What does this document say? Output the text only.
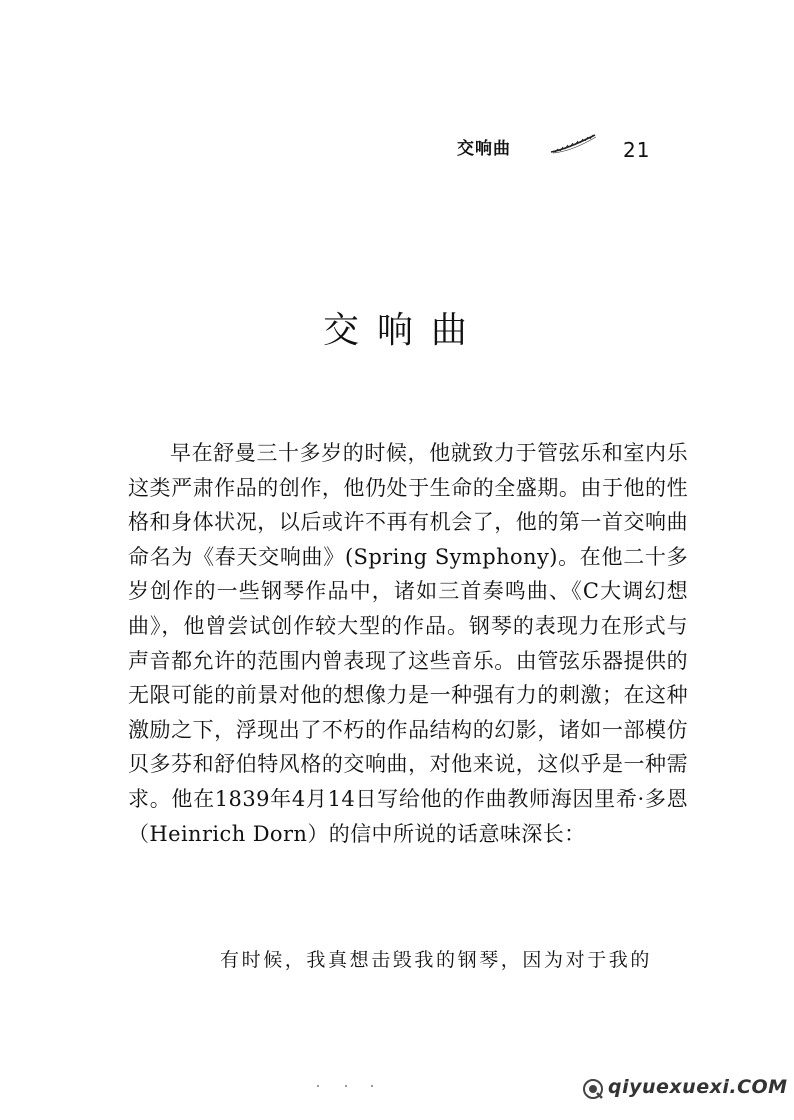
交响曲	21
交响曲

早在舒曼三十多岁的时候，他就致力于管弦乐和室内乐这类严肃作品的创作，他仍处于生命的全盛期。由于他的性格和身体状况，以后或许不再有机会了，他的第一首交响曲命名为《春天交响曲》(Spring Symphony)。在他二十多岁创作的一些钢琴作品中，诸如三首奏鸣曲、《C大调幻想曲》，他曾尝试创作较大型的作品。钢琴的表现力在形式与声音都允许的范围内曾表现了这些音乐。由管弦乐器提供的无限可能的前景对他的想像力是一种强有力的刺激；在这种激励之下，浮现出了不朽的作品结构的幻影，诸如一部模仿贝多芬和舒伯特风格的交响曲，对他来说，这似乎是一种需求。他在1839年4月14日写给他的作曲教师海因里希·多恩（Heinrich Dorn）的信中所说的话意味深长：

有时候，我真想击毁我的钢琴，因为对于我的

qiyuexuexi.COM
